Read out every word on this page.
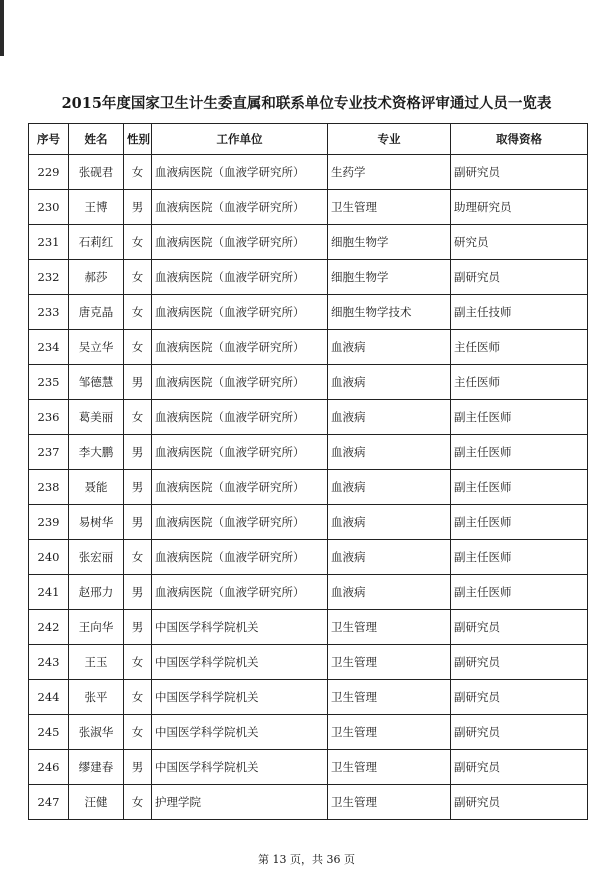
2015年度国家卫生计生委直属和联系单位专业技术资格评审通过人员一览表
序号	姓名	性别	工作单位	专业	取得资格
229	张砚君	女	血液病医院（血液学研究所）	生药学	副研究员
230	王博	男	血液病医院（血液学研究所）	卫生管理	助理研究员
231	石莉红	女	血液病医院（血液学研究所）	细胞生物学	研究员
232	郝莎	女	血液病医院（血液学研究所）	细胞生物学	副研究员
233	唐克晶	女	血液病医院（血液学研究所）	细胞生物学技术	副主任技师
234	吴立华	女	血液病医院（血液学研究所）	血液病	主任医师
235	邹德慧	男	血液病医院（血液学研究所）	血液病	主任医师
236	葛美丽	女	血液病医院（血液学研究所）	血液病	副主任医师
237	李大鹏	男	血液病医院（血液学研究所）	血液病	副主任医师
238	聂能	男	血液病医院（血液学研究所）	血液病	副主任医师
239	易树华	男	血液病医院（血液学研究所）	血液病	副主任医师
240	张宏丽	女	血液病医院（血液学研究所）	血液病	副主任医师
241	赵邢力	男	血液病医院（血液学研究所）	血液病	副主任医师
242	王向华	男	中国医学科学院机关	卫生管理	副研究员
243	王玉	女	中国医学科学院机关	卫生管理	副研究员
244	张平	女	中国医学科学院机关	卫生管理	副研究员
245	张淑华	女	中国医学科学院机关	卫生管理	副研究员
246	缪建春	男	中国医学科学院机关	卫生管理	副研究员
247	汪健	女	护理学院	卫生管理	副研究员
第 13 页，共 36 页
